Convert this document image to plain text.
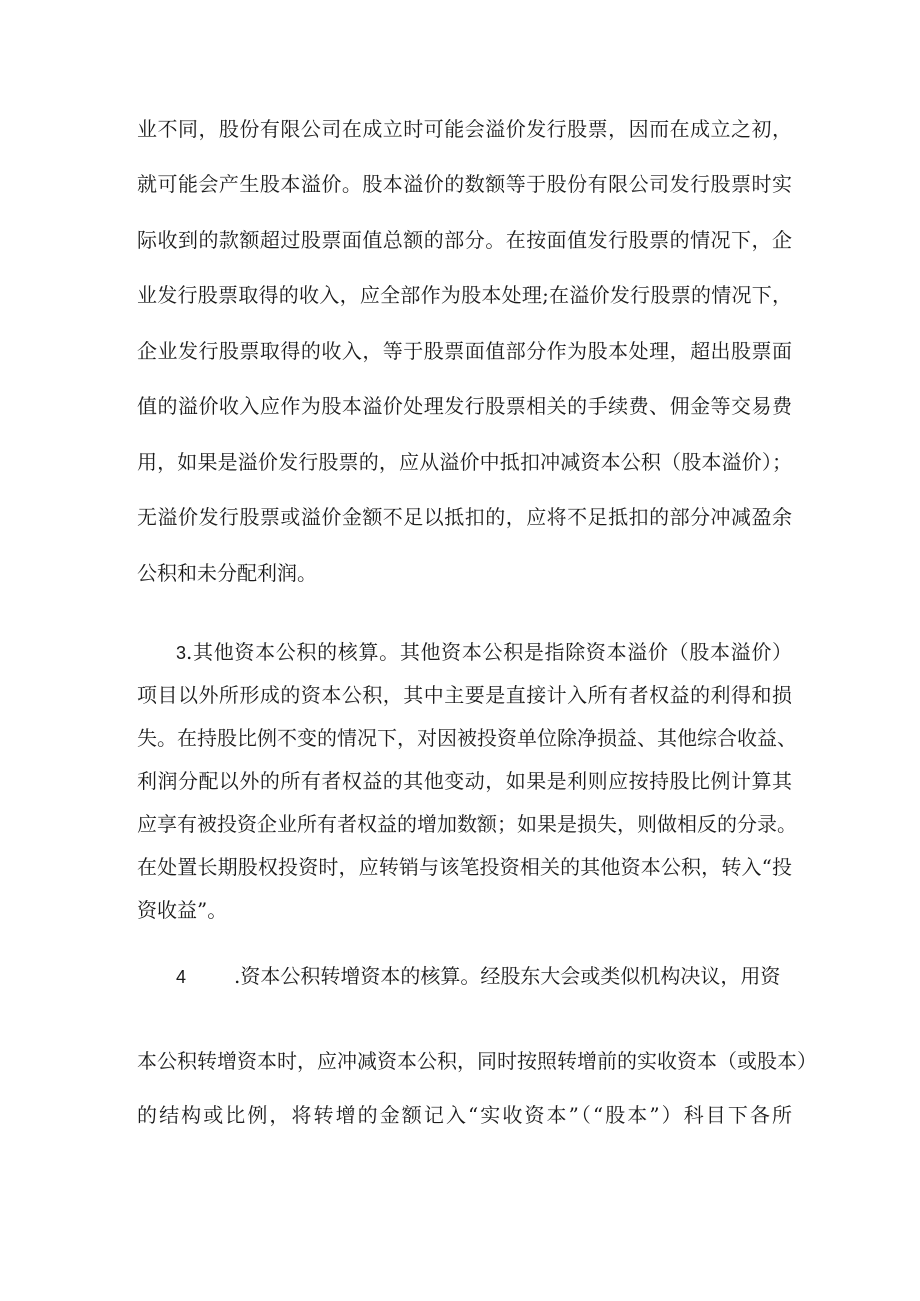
业不同，股份有限公司在成立时可能会溢价发行股票，因而在成立之初，
就可能会产生股本溢价。股本溢价的数额等于股份有限公司发行股票时实
际收到的款额超过股票面值总额的部分。在按面值发行股票的情况下，企
业发行股票取得的收入，应全部作为股本处理;在溢价发行股票的情况下，
企业发行股票取得的收入，等于股票面值部分作为股本处理，超出股票面
值的溢价收入应作为股本溢价处理发行股票相关的手续费、佣金等交易费
用，如果是溢价发行股票的，应从溢价中抵扣冲减资本公积（股本溢价）；
无溢价发行股票或溢价金额不足以抵扣的，应将不足抵扣的部分冲减盈余
公积和未分配利润。
3.其他资本公积的核算。其他资本公积是指除资本溢价（股本溢价）
项目以外所形成的资本公积，其中主要是直接计入所有者权益的利得和损
失。在持股比例不变的情况下，对因被投资单位除净损益、其他综合收益、
利润分配以外的所有者权益的其他变动，如果是利则应按持股比例计算其
应享有被投资企业所有者权益的增加数额；如果是损失，则做相反的分录。
在处置长期股权投资时，应转销与该笔投资相关的其他资本公积，转入“投
资收益”。
4 .资本公积转增资本的核算。经股东大会或类似机构决议，用资
本公积转增资本时，应冲减资本公积，同时按照转增前的实收资本（或股本）
的结构或比例，将转增的金额记入“实收资本”（“股本”）科目下各所
